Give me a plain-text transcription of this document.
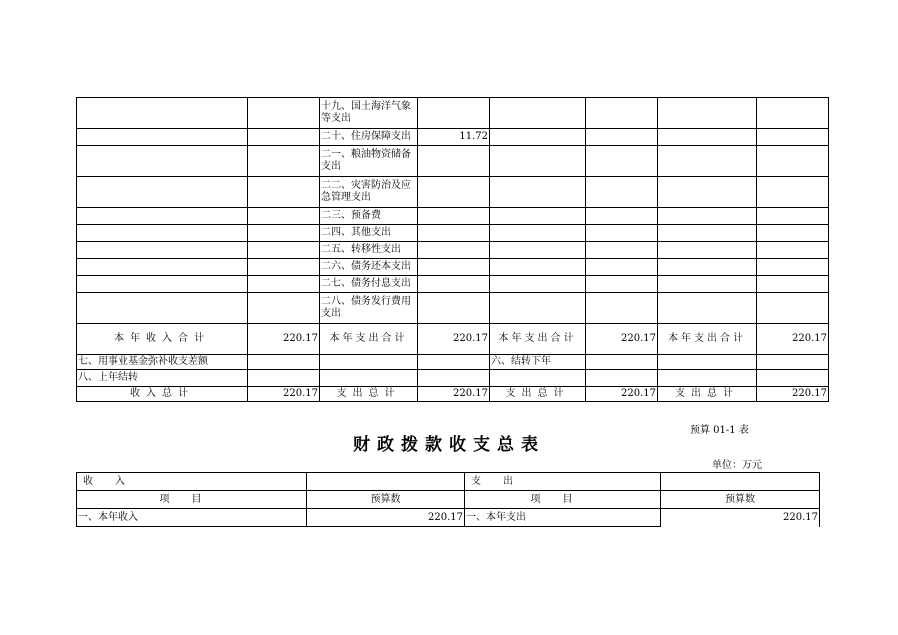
		十九、国土海洋气象等支出					
		二十、住房保障支出	11.72				
		二一、粮油物资储备支出					
		二二、灾害防治及应急管理支出					
		二三、预备费					
		二四、其他支出					
		二五、转移性支出					
		二六、债务还本支出					
		二七、债务付息支出					
		二八、债务发行费用支出					
本年收入合计	220.17	本年支出合计	220.17	本年支出合计	220.17	本年支出合计	220.17
七、用事业基金弥补收支差额				六、结转下年			
八、上年结转							
收入总计	220.17	支出总计	220.17	支出总计	220.17	支出总计	220.17
预算 01-1 表
财政拨款收支总表
单位：万元
收入		支出	
项目	预算数	项目	预算数
一、本年收入	220.17	一、本年支出	220.17
